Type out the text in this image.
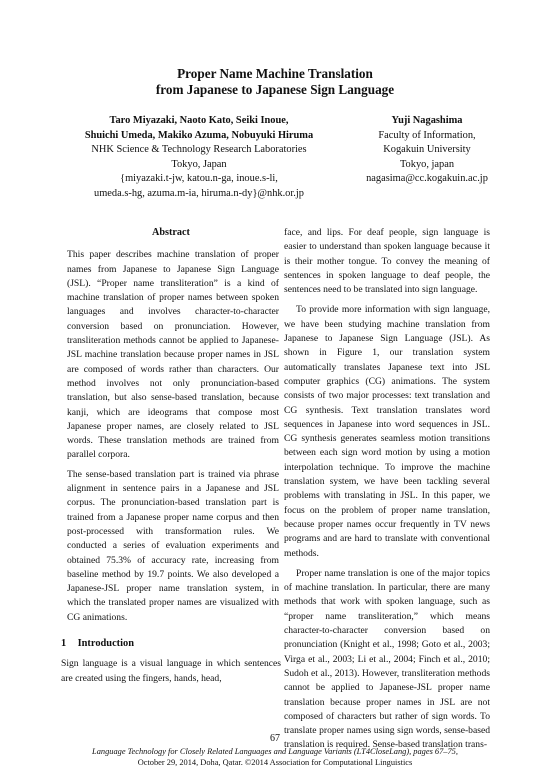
Proper Name Machine Translation
from Japanese to Japanese Sign Language
Taro Miyazaki, Naoto Kato, Seiki Inoue,
Shuichi Umeda, Makiko Azuma, Nobuyuki Hiruma
NHK Science & Technology Research Laboratories
Tokyo, Japan
{miyazaki.t-jw, katou.n-ga, inoue.s-li,
umeda.s-hg, azuma.m-ia, hiruma.n-dy}@nhk.or.jp
Yuji Nagashima
Faculty of Information,
Kogakuin University
Tokyo, japan
nagasima@cc.kogakuin.ac.jp
Abstract

This paper describes machine translation of proper names from Japanese to Japanese Sign Language (JSL). “Proper name transliteration” is a kind of machine translation of proper names between spoken languages and involves character-to-character conversion based on pronunciation. However, transliteration methods cannot be applied to Japanese-JSL machine translation because proper names in JSL are composed of words rather than characters. Our method involves not only pronunciation-based translation, but also sense-based translation, because kanji, which are ideograms that compose most Japanese proper names, are closely related to JSL words. These translation methods are trained from parallel corpora.

The sense-based translation part is trained via phrase alignment in sentence pairs in a Japanese and JSL corpus. The pronunciation-based translation part is trained from a Japanese proper name corpus and then post-processed with transformation rules. We conducted a series of evaluation experiments and obtained 75.3% of accuracy rate, increasing from baseline method by 19.7 points. We also developed a Japanese-JSL proper name translation system, in which the translated proper names are visualized with CG animations.

1 Introduction

Sign language is a visual language in which sentences are created using the fingers, hands, head,

face, and lips. For deaf people, sign language is easier to understand than spoken language because it is their mother tongue. To convey the meaning of sentences in spoken language to deaf people, the sentences need to be translated into sign language.

To provide more information with sign language, we have been studying machine translation from Japanese to Japanese Sign Language (JSL). As shown in Figure 1, our translation system automatically translates Japanese text into JSL computer graphics (CG) animations. The system consists of two major processes: text translation and CG synthesis. Text translation translates word sequences in Japanese into word sequences in JSL. CG synthesis generates seamless motion transitions between each sign word motion by using a motion interpolation technique. To improve the machine translation system, we have been tackling several problems with translating in JSL. In this paper, we focus on the problem of proper name translation, because proper names occur frequently in TV news programs and are hard to translate with conventional methods.

Proper name translation is one of the major topics of machine translation. In particular, there are many methods that work with spoken language, such as “proper name transliteration,” which means character-to-character conversion based on pronunciation (Knight et al., 1998; Goto et al., 2003; Virga et al., 2003; Li et al., 2004; Finch et al., 2010; Sudoh et al., 2013). However, transliteration methods cannot be applied to Japanese-JSL proper name translation because proper names in JSL are not composed of characters but rather of sign words. To translate proper names using sign words, sense-based translation is required. Sense-based translation trans-

67
Language Technology for Closely Related Languages and Language Variants (LT4CloseLang), pages 67–75,
October 29, 2014, Doha, Qatar. ©2014 Association for Computational Linguistics
